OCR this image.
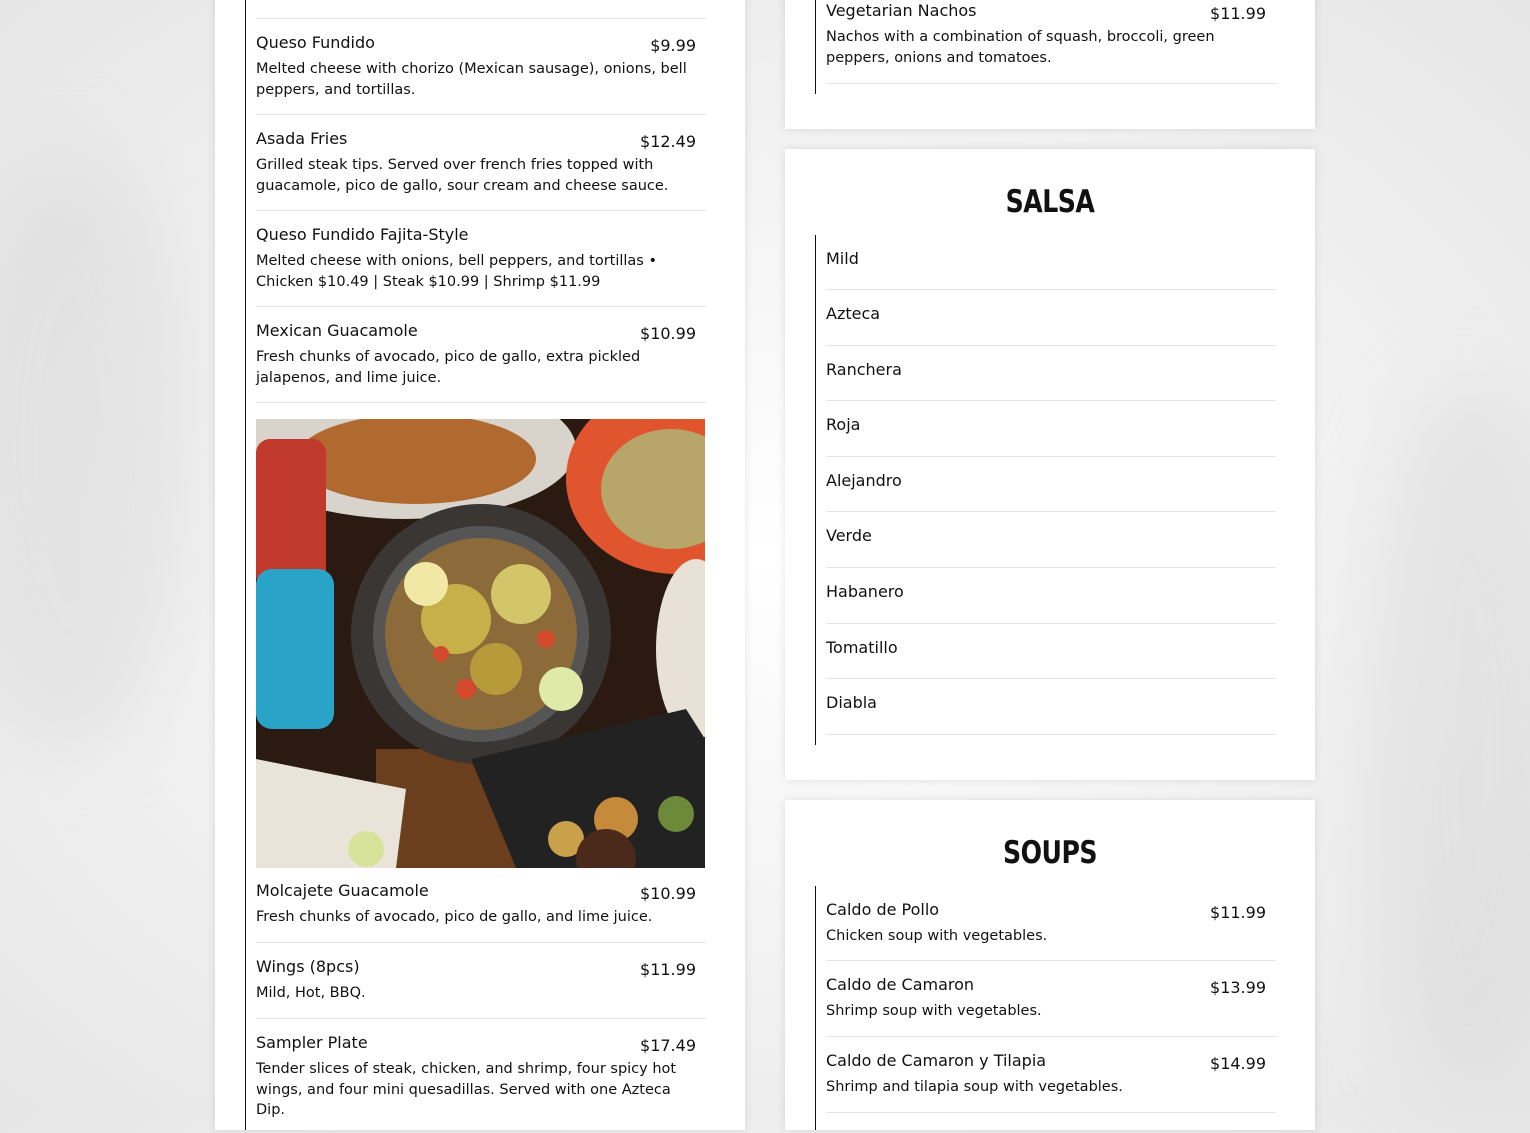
Queso Fundido	$9.99
Melted cheese with chorizo (Mexican sausage), onions, bell peppers, and tortillas.
Asada Fries	$12.49
Grilled steak tips. Served over french fries topped with guacamole, pico de gallo, sour cream and cheese sauce.
Queso Fundido Fajita-Style
Melted cheese with onions, bell peppers, and tortillas • Chicken $10.49 | Steak $10.99 | Shrimp $11.99
Mexican Guacamole	$10.99
Fresh chunks of avocado, pico de gallo, extra pickled jalapenos, and lime juice.
Molcajete Guacamole	$10.99
Fresh chunks of avocado, pico de gallo, and lime juice.
Wings (8pcs)	$11.99
Mild, Hot, BBQ.
Sampler Plate	$17.49
Tender slices of steak, chicken, and shrimp, four spicy hot wings, and four mini quesadillas. Served with one Azteca Dip.
Vegetarian Nachos	$11.99
Nachos with a combination of squash, broccoli, green peppers, onions and tomatoes.
SALSA
Mild
Azteca
Ranchera
Roja
Alejandro
Verde
Habanero
Tomatillo
Diabla
SOUPS
Caldo de Pollo	$11.99
Chicken soup with vegetables.
Caldo de Camaron	$13.99
Shrimp soup with vegetables.
Caldo de Camaron y Tilapia	$14.99
Shrimp and tilapia soup with vegetables.
